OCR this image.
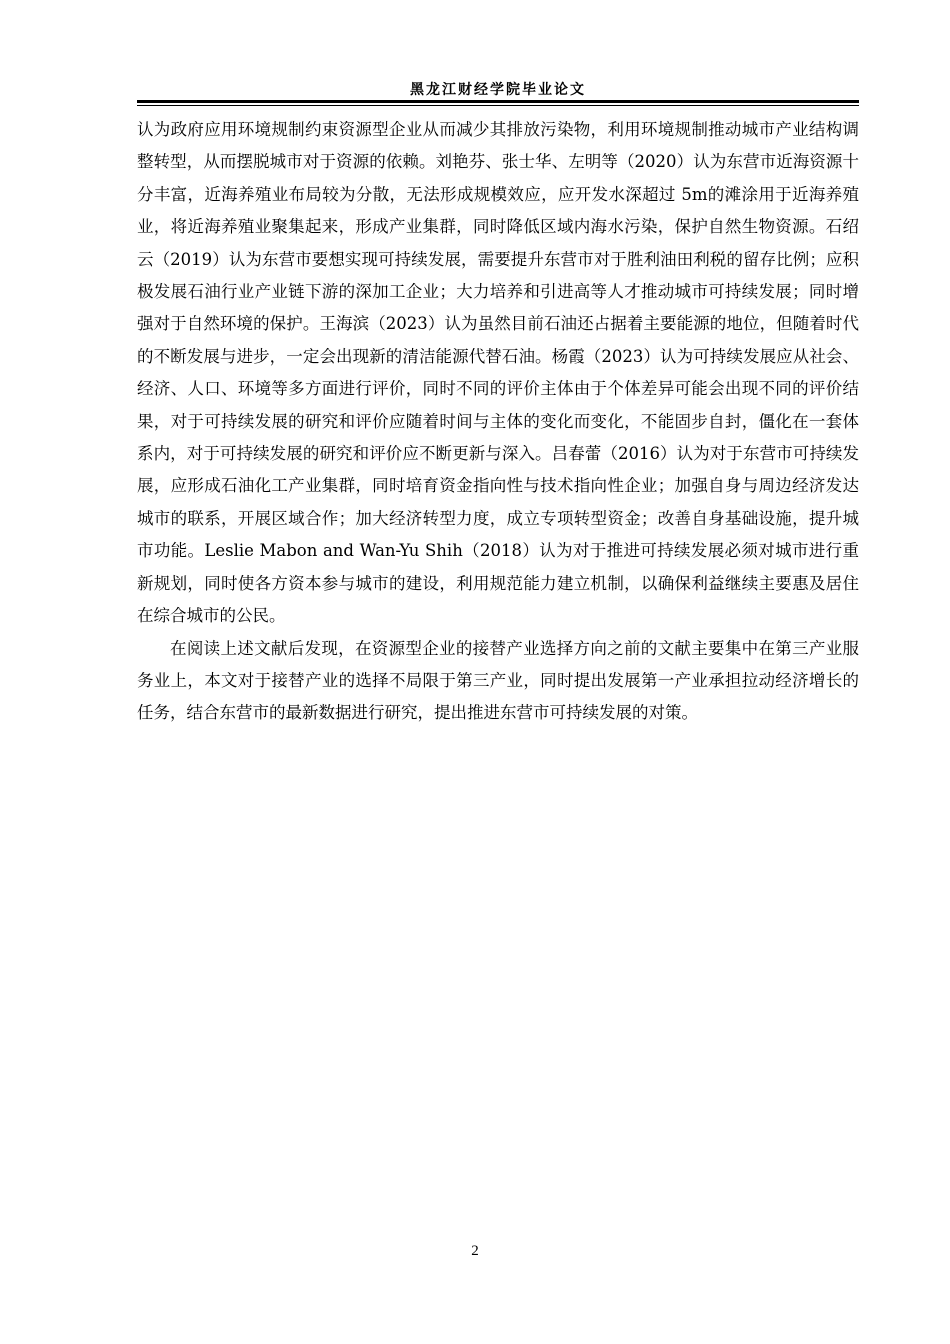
黑龙江财经学院毕业论文

认为政府应用环境规制约束资源型企业从而减少其排放污染物，利用环境规制推动城市产业结构调整转型，从而摆脱城市对于资源的依赖。刘艳芬、张士华、左明等（2020）认为东营市近海资源十分丰富，近海养殖业布局较为分散，无法形成规模效应，应开发水深超过 5m的滩涂用于近海养殖业，将近海养殖业聚集起来，形成产业集群，同时降低区域内海水污染，保护自然生物资源。石绍云（2019）认为东营市要想实现可持续发展，需要提升东营市对于胜利油田利税的留存比例；应积极发展石油行业产业链下游的深加工企业；大力培养和引进高等人才推动城市可持续发展；同时增强对于自然环境的保护。王海滨（2023）认为虽然目前石油还占据着主要能源的地位，但随着时代的不断发展与进步，一定会出现新的清洁能源代替石油。杨霞（2023）认为可持续发展应从社会、经济、人口、环境等多方面进行评价，同时不同的评价主体由于个体差异可能会出现不同的评价结果，对于可持续发展的研究和评价应随着时间与主体的变化而变化，不能固步自封，僵化在一套体系内，对于可持续发展的研究和评价应不断更新与深入。吕春蕾（2016）认为对于东营市可持续发展，应形成石油化工产业集群，同时培育资金指向性与技术指向性企业；加强自身与周边经济发达城市的联系，开展区域合作；加大经济转型力度，成立专项转型资金；改善自身基础设施，提升城市功能。Leslie Mabon and Wan-Yu Shih（2018）认为对于推进可持续发展必须对城市进行重新规划，同时使各方资本参与城市的建设，利用规范能力建立机制，以确保利益继续主要惠及居住在综合城市的公民。

在阅读上述文献后发现，在资源型企业的接替产业选择方向之前的文献主要集中在第三产业服务业上，本文对于接替产业的选择不局限于第三产业，同时提出发展第一产业承担拉动经济增长的任务，结合东营市的最新数据进行研究，提出推进东营市可持续发展的对策。

2
